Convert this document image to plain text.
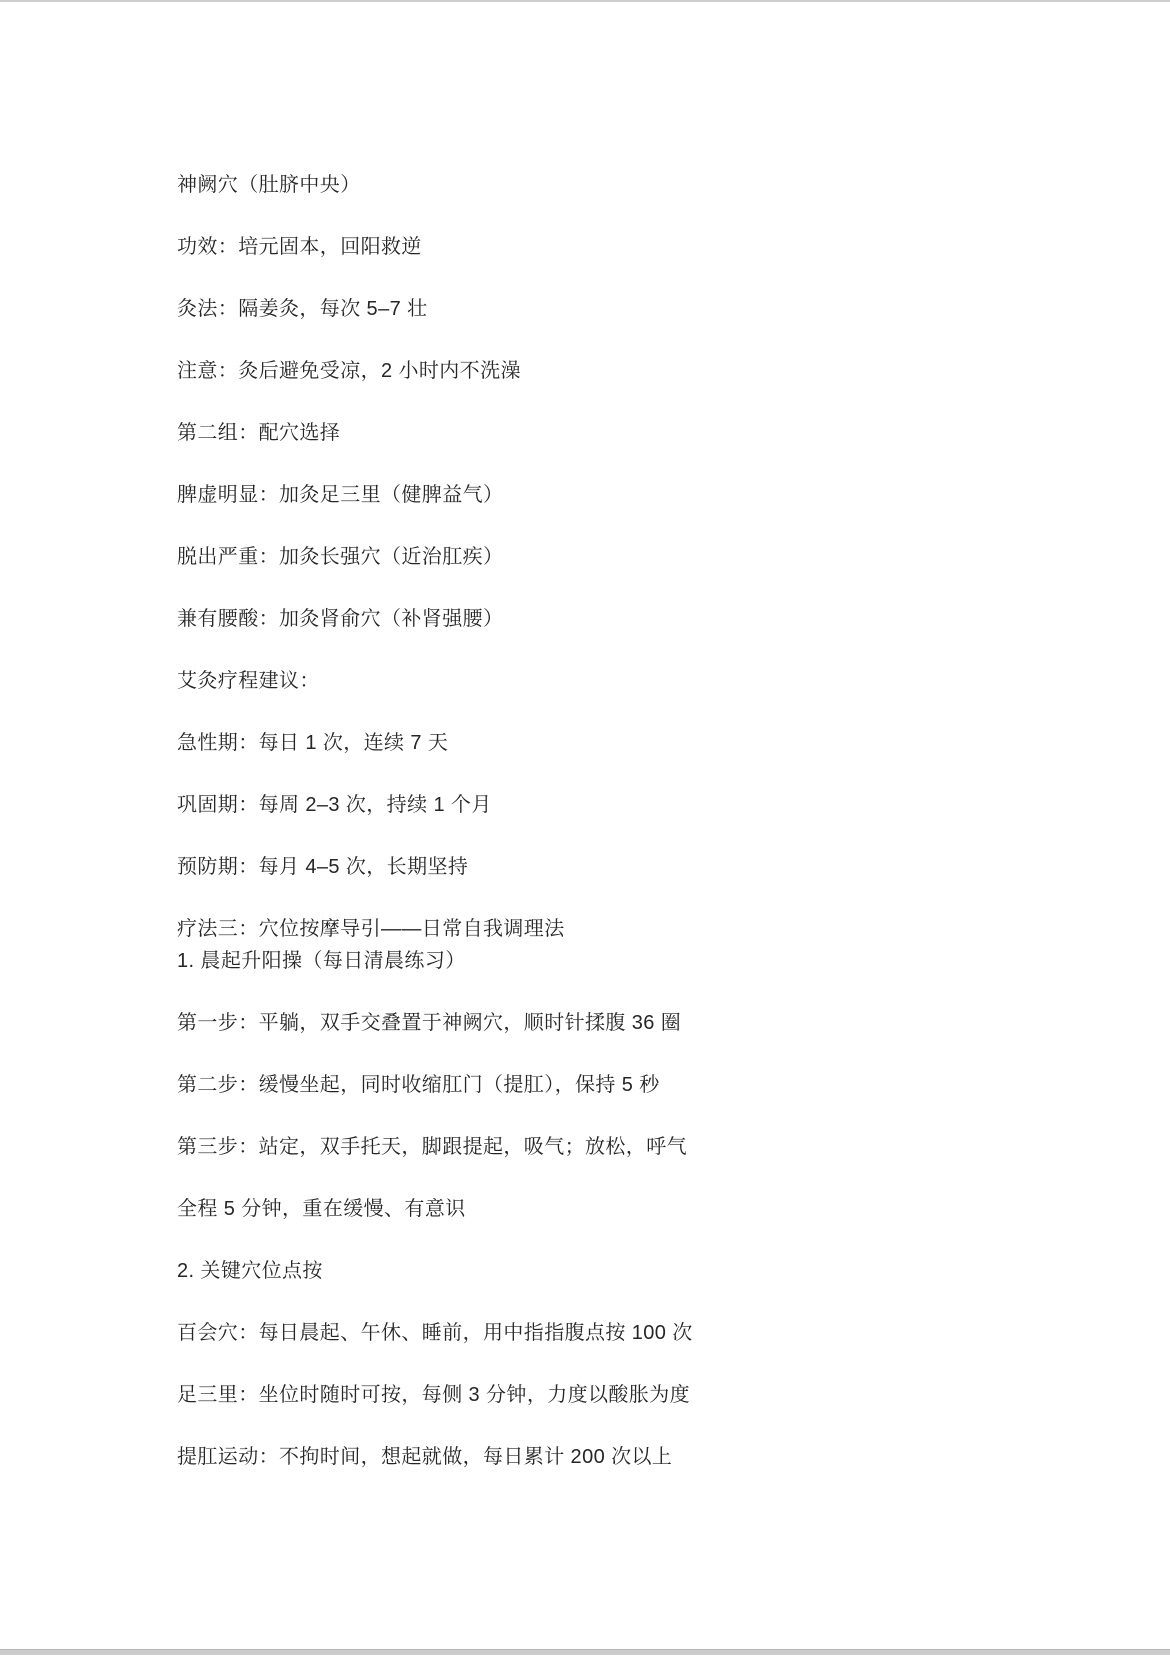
神阙穴（肚脐中央）

功效：培元固本，回阳救逆

灸法：隔姜灸，每次 5–7 壮

注意：灸后避免受凉，2 小时内不洗澡

第二组：配穴选择

脾虚明显：加灸足三里（健脾益气）

脱出严重：加灸长强穴（近治肛疾）

兼有腰酸：加灸肾俞穴（补肾强腰）

艾灸疗程建议：

急性期：每日 1 次，连续 7 天

巩固期：每周 2–3 次，持续 1 个月

预防期：每月 4–5 次，长期坚持

疗法三：穴位按摩导引——日常自我调理法
1. 晨起升阳操（每日清晨练习）

第一步：平躺，双手交叠置于神阙穴，顺时针揉腹 36 圈

第二步：缓慢坐起，同时收缩肛门（提肛），保持 5 秒

第三步：站定，双手托天，脚跟提起，吸气；放松，呼气

全程 5 分钟，重在缓慢、有意识

2. 关键穴位点按

百会穴：每日晨起、午休、睡前，用中指指腹点按 100 次

足三里：坐位时随时可按，每侧 3 分钟，力度以酸胀为度

提肛运动：不拘时间，想起就做，每日累计 200 次以上
